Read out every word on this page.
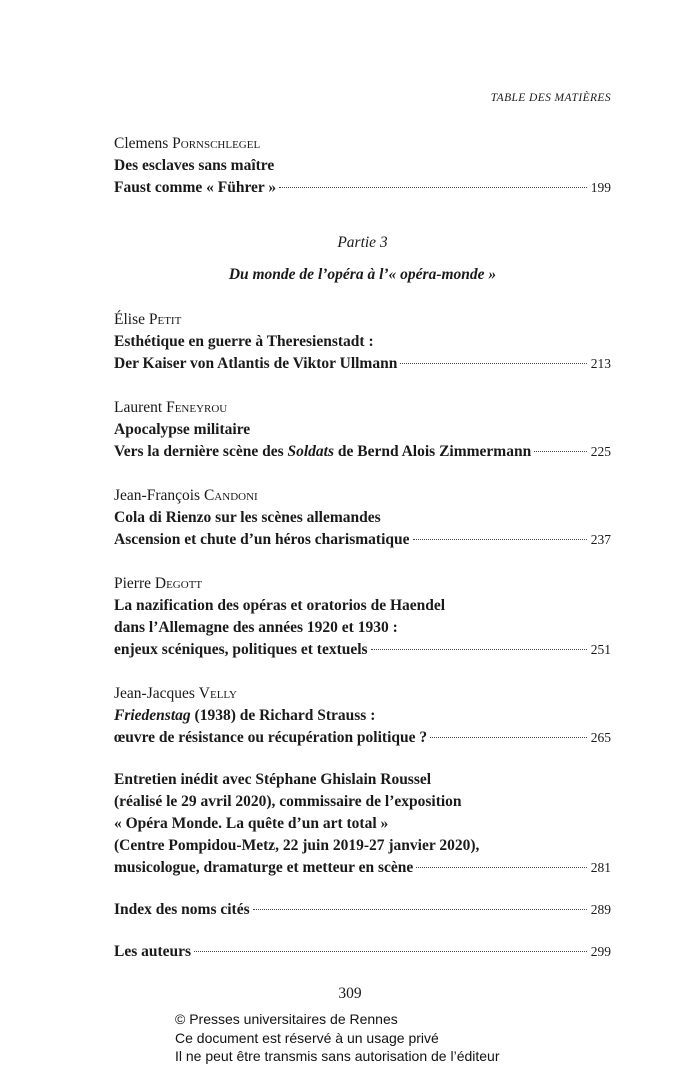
TABLE DES MATIÈRES
Clemens Pornschlegel
Des esclaves sans maître
Faust comme « Führer »	199
Partie 3
Du monde de l’opéra à l’« opéra-monde »
Élise Petit
Esthétique en guerre à Theresienstadt :
Der Kaiser von Atlantis de Viktor Ullmann	213
Laurent Feneyrou
Apocalypse militaire
Vers la dernière scène des Soldats de Bernd Alois Zimmermann	225
Jean-François Candoni
Cola di Rienzo sur les scènes allemandes
Ascension et chute d’un héros charismatique	237
Pierre Degott
La nazification des opéras et oratorios de Haendel
dans l’Allemagne des années 1920 et 1930 :
enjeux scéniques, politiques et textuels	251
Jean-Jacques Velly
Friedenstag (1938) de Richard Strauss :
œuvre de résistance ou récupération politique ?	265
Entretien inédit avec Stéphane Ghislain Roussel
(réalisé le 29 avril 2020), commissaire de l’exposition
« Opéra Monde. La quête d’un art total »
(Centre Pompidou-Metz, 22 juin 2019-27 janvier 2020),
musicologue, dramaturge et metteur en scène	281
Index des noms cités	289
Les auteurs	299
309
© Presses universitaires de Rennes
Ce document est réservé à un usage privé
Il ne peut être transmis sans autorisation de l’éditeur
